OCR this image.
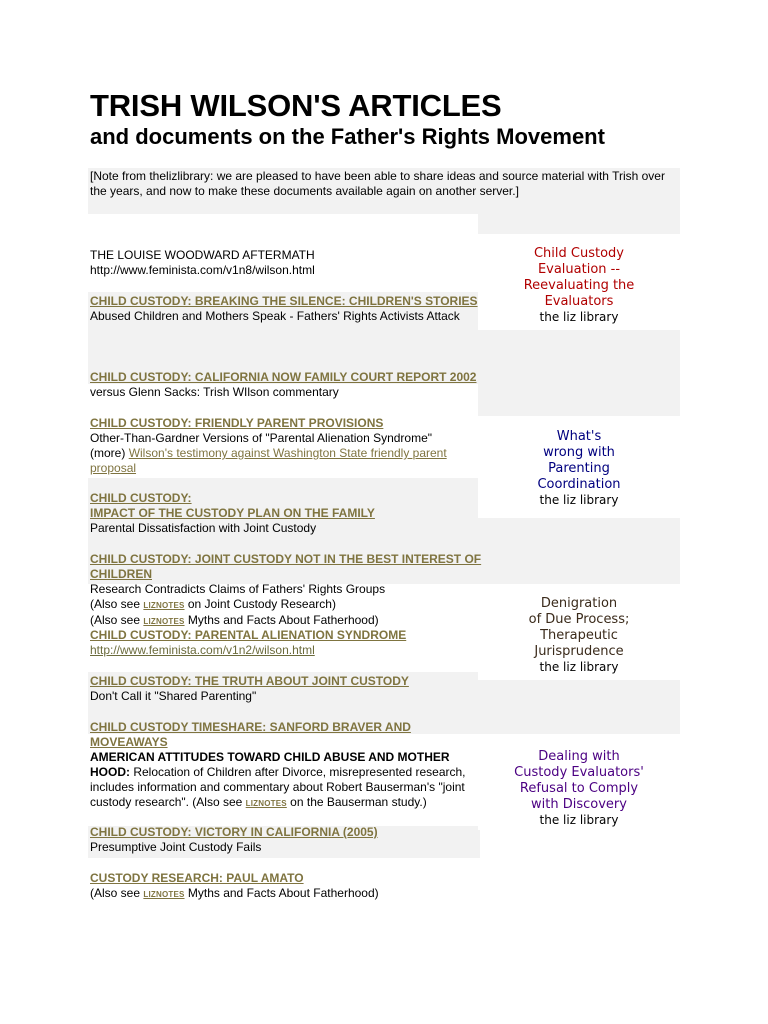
TRISH WILSON'S ARTICLES
and documents on the Father's Rights Movement
[Note from thelizlibrary: we are pleased to have been able to share ideas and source material with Trish over the years, and now to make these documents available again on another server.]
THE LOUISE WOODWARD AFTERMATH
http://www.feminista.com/v1n8/wilson.html
CHILD CUSTODY: BREAKING THE SILENCE: CHILDREN'S STORIES
Abused Children and Mothers Speak - Fathers' Rights Activists Attack
CHILD CUSTODY: CALIFORNIA NOW FAMILY COURT REPORT 2002
versus Glenn Sacks: Trish WIlson commentary
CHILD CUSTODY: FRIENDLY PARENT PROVISIONS
Other-Than-Gardner Versions of "Parental Alienation Syndrome"
(more) Wilson's testimony against Washington State friendly parent proposal
CHILD CUSTODY:
IMPACT OF THE CUSTODY PLAN ON THE FAMILY
Parental Dissatisfaction with Joint Custody
CHILD CUSTODY: JOINT CUSTODY NOT IN THE BEST INTEREST OF CHILDREN
Research Contradicts Claims of Fathers' Rights Groups
(Also see LIZNOTES on Joint Custody Research)
(Also see LIZNOTES Myths and Facts About Fatherhood)
CHILD CUSTODY: PARENTAL ALIENATION SYNDROME
http://www.feminista.com/v1n2/wilson.html
CHILD CUSTODY: THE TRUTH ABOUT JOINT CUSTODY
Don't Call it "Shared Parenting"
CHILD CUSTODY TIMESHARE: SANFORD BRAVER AND MOVEAWAYS
AMERICAN ATTITUDES TOWARD CHILD ABUSE AND MOTHER HOOD: Relocation of Children after Divorce, misrepresented research, includes information and commentary about Robert Bauserman's "joint custody research". (Also see LIZNOTES on the Bauserman study.)
CHILD CUSTODY: VICTORY IN CALIFORNIA (2005)
Presumptive Joint Custody Fails
CUSTODY RESEARCH: PAUL AMATO
(Also see LIZNOTES Myths and Facts About Fatherhood)
Child Custody
Evaluation --
Reevaluating the
Evaluators
the liz library
What's
wrong with
Parenting
Coordination
the liz library
Denigration
of Due Process;
Therapeutic
Jurisprudence
the liz library
Dealing with
Custody Evaluators'
Refusal to Comply
with Discovery
the liz library
